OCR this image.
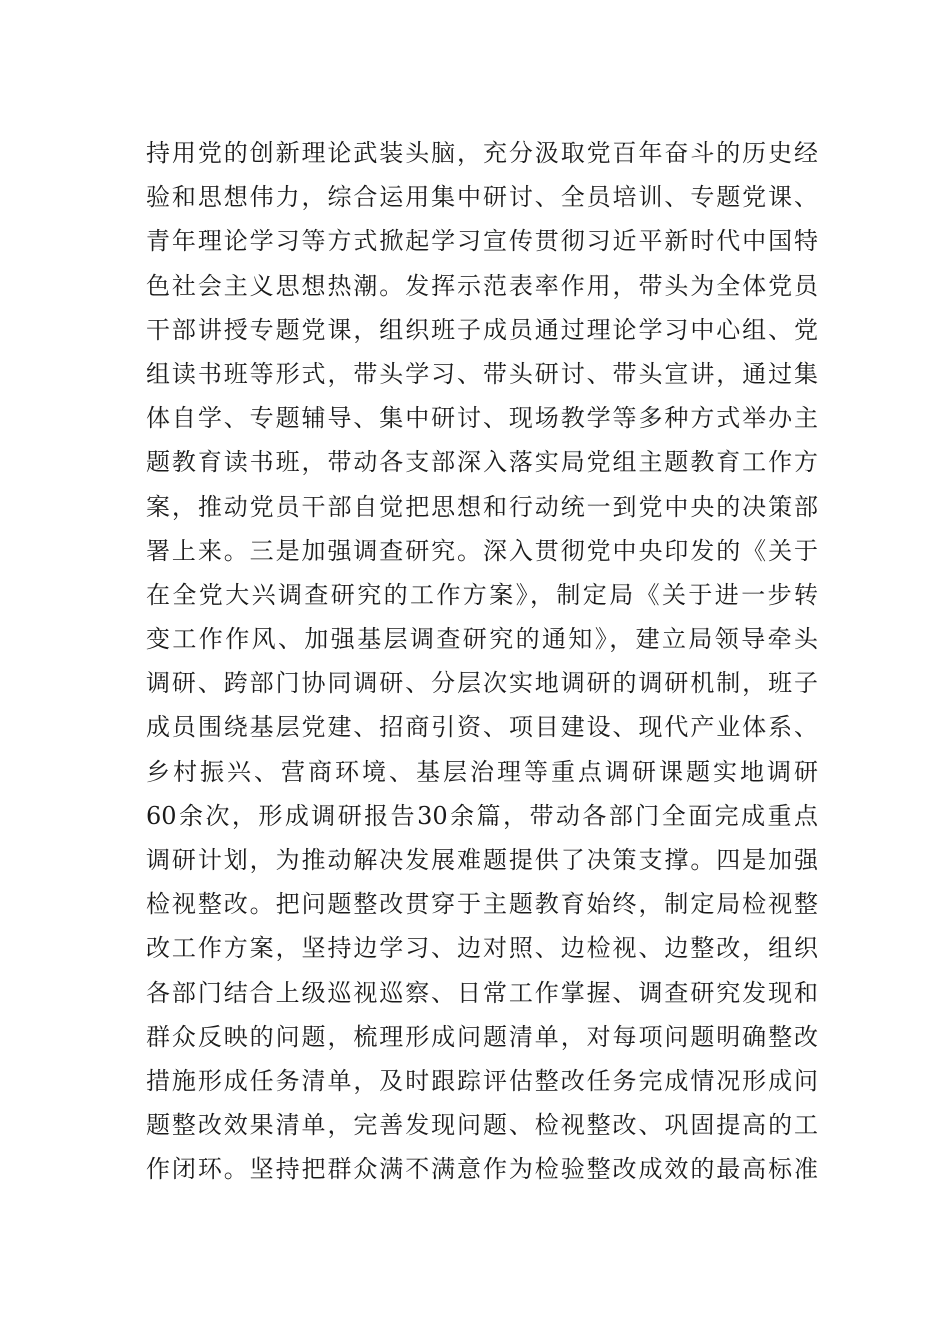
持用党的创新理论武装头脑，充分汲取党百年奋斗的历史经
验和思想伟力，综合运用集中研讨、全员培训、专题党课、
青年理论学习等方式掀起学习宣传贯彻习近平新时代中国特
色社会主义思想热潮。发挥示范表率作用，带头为全体党员
干部讲授专题党课，组织班子成员通过理论学习中心组、党
组读书班等形式，带头学习、带头研讨、带头宣讲，通过集
体自学、专题辅导、集中研讨、现场教学等多种方式举办主
题教育读书班，带动各支部深入落实局党组主题教育工作方
案，推动党员干部自觉把思想和行动统一到党中央的决策部
署上来。三是加强调查研究。深入贯彻党中央印发的《关于
在全党大兴调查研究的工作方案》，制定局《关于进一步转
变工作作风、加强基层调查研究的通知》，建立局领导牵头
调研、跨部门协同调研、分层次实地调研的调研机制，班子
成员围绕基层党建、招商引资、项目建设、现代产业体系、
乡村振兴、营商环境、基层治理等重点调研课题实地调研
60余次，形成调研报告30余篇，带动各部门全面完成重点
调研计划，为推动解决发展难题提供了决策支撑。四是加强
检视整改。把问题整改贯穿于主题教育始终，制定局检视整
改工作方案，坚持边学习、边对照、边检视、边整改，组织
各部门结合上级巡视巡察、日常工作掌握、调查研究发现和
群众反映的问题，梳理形成问题清单，对每项问题明确整改
措施形成任务清单，及时跟踪评估整改任务完成情况形成问
题整改效果清单，完善发现问题、检视整改、巩固提高的工
作闭环。坚持把群众满不满意作为检验整改成效的最高标准
